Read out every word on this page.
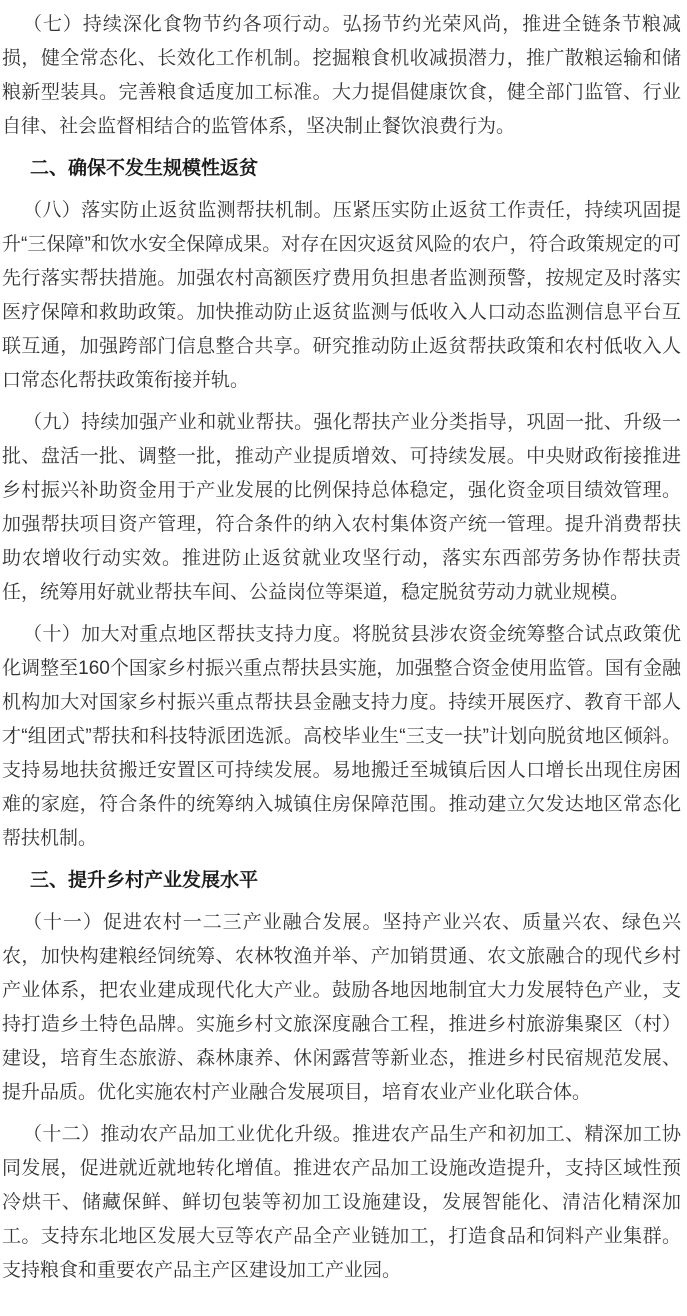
（七）持续深化食物节约各项行动。弘扬节约光荣风尚，推进全链条节粮减损，健全常态化、长效化工作机制。挖掘粮食机收减损潜力，推广散粮运输和储粮新型装具。完善粮食适度加工标准。大力提倡健康饮食，健全部门监管、行业自律、社会监督相结合的监管体系，坚决制止餐饮浪费行为。

二、确保不发生规模性返贫

（八）落实防止返贫监测帮扶机制。压紧压实防止返贫工作责任，持续巩固提升“三保障”和饮水安全保障成果。对存在因灾返贫风险的农户，符合政策规定的可先行落实帮扶措施。加强农村高额医疗费用负担患者监测预警，按规定及时落实医疗保障和救助政策。加快推动防止返贫监测与低收入人口动态监测信息平台互联互通，加强跨部门信息整合共享。研究推动防止返贫帮扶政策和农村低收入人口常态化帮扶政策衔接并轨。

（九）持续加强产业和就业帮扶。强化帮扶产业分类指导，巩固一批、升级一批、盘活一批、调整一批，推动产业提质增效、可持续发展。中央财政衔接推进乡村振兴补助资金用于产业发展的比例保持总体稳定，强化资金项目绩效管理。加强帮扶项目资产管理，符合条件的纳入农村集体资产统一管理。提升消费帮扶助农增收行动实效。推进防止返贫就业攻坚行动，落实东西部劳务协作帮扶责任，统筹用好就业帮扶车间、公益岗位等渠道，稳定脱贫劳动力就业规模。

（十）加大对重点地区帮扶支持力度。将脱贫县涉农资金统筹整合试点政策优化调整至160个国家乡村振兴重点帮扶县实施，加强整合资金使用监管。国有金融机构加大对国家乡村振兴重点帮扶县金融支持力度。持续开展医疗、教育干部人才“组团式”帮扶和科技特派团选派。高校毕业生“三支一扶”计划向脱贫地区倾斜。支持易地扶贫搬迁安置区可持续发展。易地搬迁至城镇后因人口增长出现住房困难的家庭，符合条件的统筹纳入城镇住房保障范围。推动建立欠发达地区常态化帮扶机制。

三、提升乡村产业发展水平

（十一）促进农村一二三产业融合发展。坚持产业兴农、质量兴农、绿色兴农，加快构建粮经饲统筹、农林牧渔并举、产加销贯通、农文旅融合的现代乡村产业体系，把农业建成现代化大产业。鼓励各地因地制宜大力发展特色产业，支持打造乡土特色品牌。实施乡村文旅深度融合工程，推进乡村旅游集聚区（村）建设，培育生态旅游、森林康养、休闲露营等新业态，推进乡村民宿规范发展、提升品质。优化实施农村产业融合发展项目，培育农业产业化联合体。

（十二）推动农产品加工业优化升级。推进农产品生产和初加工、精深加工协同发展，促进就近就地转化增值。推进农产品加工设施改造提升，支持区域性预冷烘干、储藏保鲜、鲜切包装等初加工设施建设，发展智能化、清洁化精深加工。支持东北地区发展大豆等农产品全产业链加工，打造食品和饲料产业集群。支持粮食和重要农产品主产区建设加工产业园。
